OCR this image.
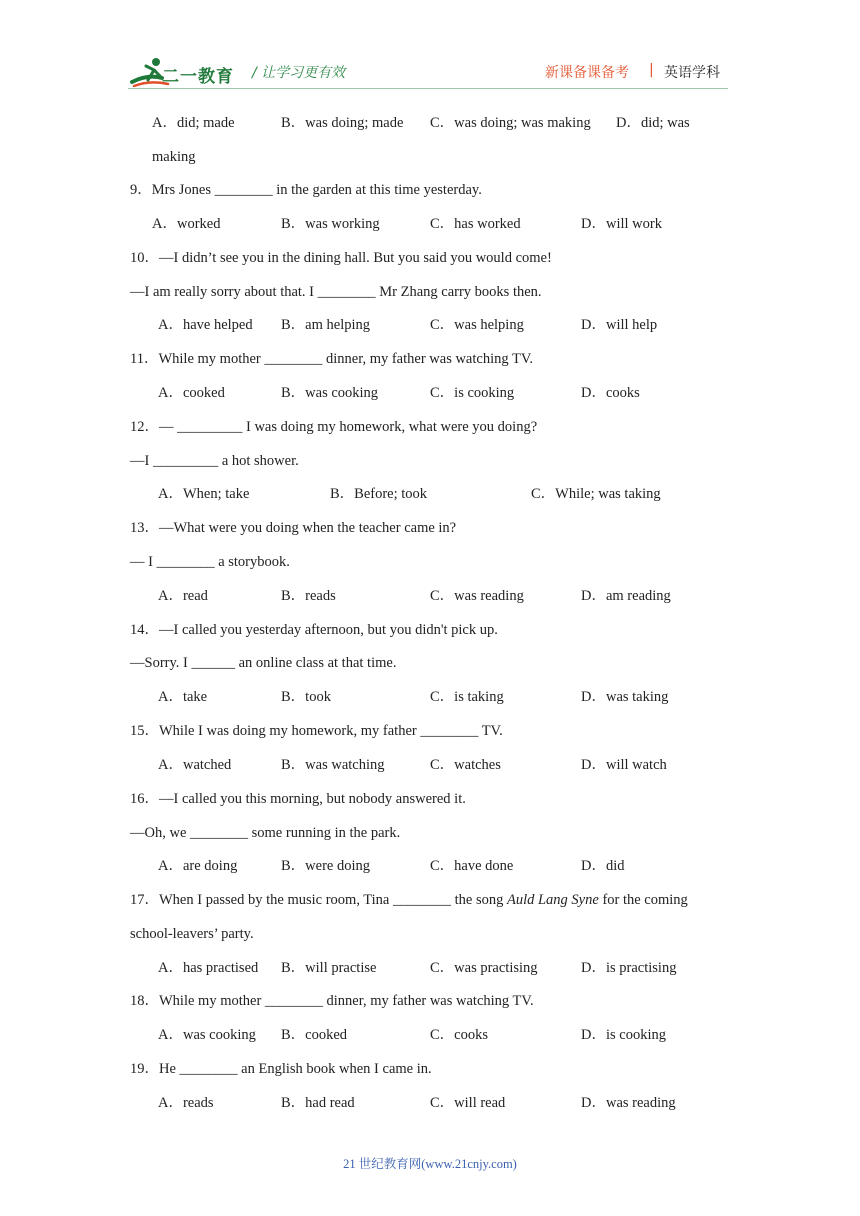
二一教育 / 让学习更有效	新课备课备考 | 英语学科
A．did; made	B．was doing; made C．was doing; was making D．did; was
making
9．Mrs Jones ________ in the garden at this time yesterday.
A．worked	B．was working	C．has worked	D．will work
10．—I didn’t see you in the dining hall. But you said you would come!
—I am really sorry about that. I ________ Mr Zhang carry books then.
A．have helped B．am helping	C．was helping	D．will help
11．While my mother ________ dinner, my father was watching TV.
A．cooked	B．was cooking	C．is cooking	D．cooks
12．— _________ I was doing my homework, what were you doing?
—I _________ a hot shower.
A．When; take	B．Before; took	C．While; was taking
13．—What were you doing when the teacher came in?
— I ________ a storybook.
A．read	B．reads	C．was reading	D．am reading
14．—I called you yesterday afternoon, but you didn't pick up.
—Sorry. I ______ an online class at that time.
A．take	B．took	C．is taking	D．was taking
15．While I was doing my homework, my father ________ TV.
A．watched	B．was watching	C．watches	D．will watch
16．—I called you this morning, but nobody answered it.
—Oh, we ________ some running in the park.
A．are doing	B．were doing	C．have done	D．did
17．When I passed by the music room, Tina ________ the song Auld Lang Syne for the coming
school-leavers’ party.
A．has practised B．will practise	C．was practising	D．is practising
18．While my mother ________ dinner, my father was watching TV.
A．was cooking B．cooked	C．cooks	D．is cooking
19．He ________ an English book when I came in.
A．reads	B．had read	C．will read	D．was reading
21 世纪教育网(www.21cnjy.com)
